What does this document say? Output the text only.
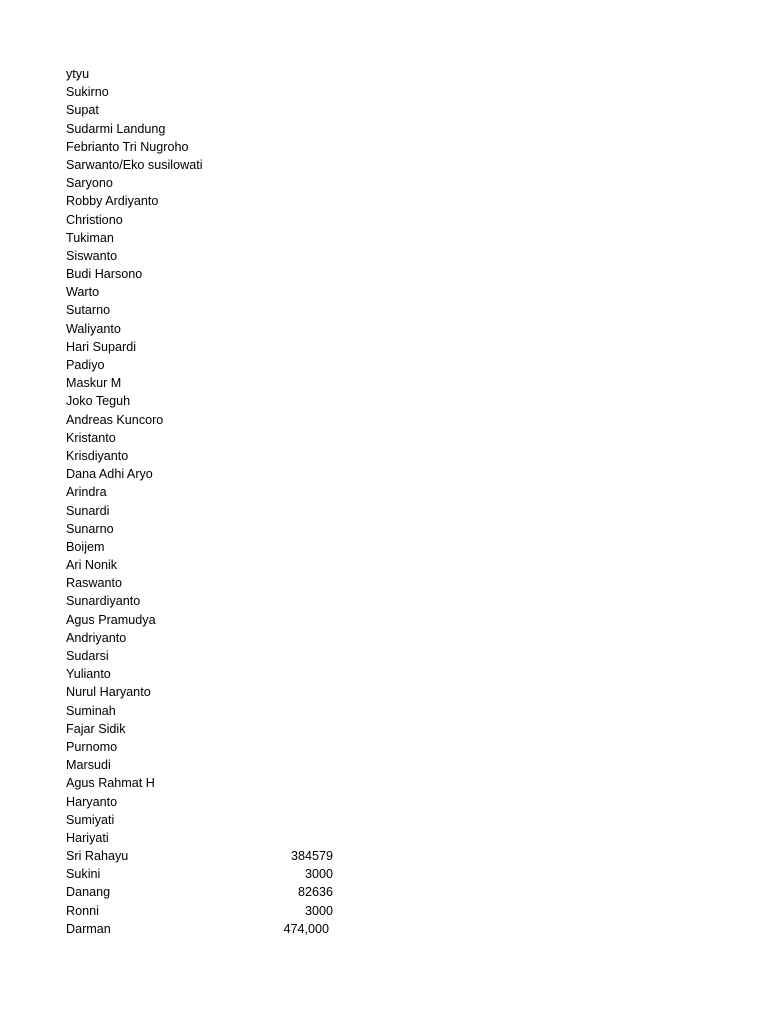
ytyu
Sukirno
Supat
Sudarmi Landung
Febrianto Tri Nugroho
Sarwanto/Eko susilowati
Saryono
Robby Ardiyanto
Christiono
Tukiman
Siswanto
Budi Harsono
Warto
Sutarno
Waliyanto
Hari Supardi
Padiyo
Maskur M
Joko Teguh
Andreas Kuncoro
Kristanto
Krisdiyanto
Dana Adhi Aryo
Arindra
Sunardi
Sunarno
Boijem
Ari Nonik
Raswanto
Sunardiyanto
Agus Pramudya
Andriyanto
Sudarsi
Yulianto
Nurul Haryanto
Suminah
Fajar Sidik
Purnomo
Marsudi
Agus Rahmat H
Haryanto
Sumiyati
Hariyati
Sri Rahayu	384579
Sukini	3000
Danang	82636
Ronni	3000
Darman	474,000
